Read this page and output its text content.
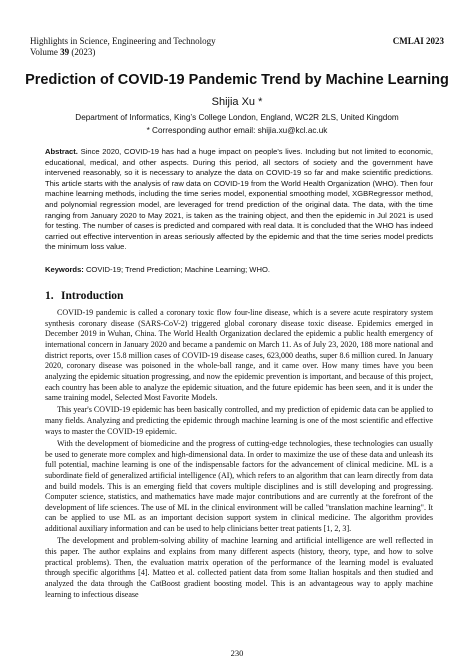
Highlights in Science, Engineering and Technology	CMLAI 2023
Volume 39 (2023)
Prediction of COVID-19 Pandemic Trend by Machine Learning
Shijia Xu *
Department of Informatics, King’s College London, England, WC2R 2LS, United Kingdom
* Corresponding author email: shijia.xu@kcl.ac.uk
Abstract. Since 2020, COVID-19 has had a huge impact on people's lives. Including but not limited to economic, educational, medical, and other aspects. During this period, all sectors of society and the government have intervened reasonably, so it is necessary to analyze the data on COVID-19 so far and make scientific predictions. This article starts with the analysis of raw data on COVID-19 from the World Health Organization (WHO). Then four machine learning methods, including the time series model, exponential smoothing model, XGBRegressor method, and polynomial regression model, are leveraged for trend prediction of the original data. The data, with the time ranging from January 2020 to May 2021, is taken as the training object, and then the epidemic in Jul 2021 is used for testing. The number of cases is predicted and compared with real data. It is concluded that the WHO has indeed carried out effective intervention in areas seriously affected by the epidemic and that the time series model predicts the minimum loss value.
Keywords: COVID-19; Trend Prediction; Machine Learning; WHO.
1. Introduction

COVID-19 pandemic is called a coronary toxic flow four-line disease, which is a severe acute respiratory system synthesis coronary disease (SARS-CoV-2) triggered global coronary disease toxic disease. Epidemics emerged in December 2019 in Wuhan, China. The World Health Organization declared the epidemic a public health emergency of international concern in January 2020 and became a pandemic on March 11. As of July 23, 2020, 188 more national and district reports, over 15.8 million cases of COVID-19 disease cases, 623,000 deaths, super 8.6 million cured. In January 2020, coronary disease was poisoned in the whole-ball range, and it came over. How many times have you been analyzing the epidemic situation progressing, and now the epidemic prevention is important, and because of this project, each country has been able to analyze the epidemic situation, and the future epidemic has been seen, and it is under the same training model, Selected Most Favorite Models.

This year's COVID-19 epidemic has been basically controlled, and my prediction of epidemic data can be applied to many fields. Analyzing and predicting the epidemic through machine learning is one of the most scientific and effective ways to master the COVID-19 epidemic.

With the development of biomedicine and the progress of cutting-edge technologies, these technologies can usually be used to generate more complex and high-dimensional data. In order to maximize the use of these data and unleash its full potential, machine learning is one of the indispensable factors for the advancement of clinical medicine. ML is a subordinate field of generalized artificial intelligence (AI), which refers to an algorithm that can learn directly from data and build models. This is an emerging field that covers multiple disciplines and is still developing and progressing. Computer science, statistics, and mathematics have made major contributions and are currently at the forefront of the development of life sciences. The use of ML in the clinical environment will be called "translation machine learning". It can be applied to use ML as an important decision support system in clinical medicine. The algorithm provides additional auxiliary information and can be used to help clinicians better treat patients [1, 2, 3].

The development and problem-solving ability of machine learning and artificial intelligence are well reflected in this paper. The author explains and explains from many different aspects (history, theory, type, and how to solve practical problems). Then, the evaluation matrix operation of the performance of the learning model is evaluated through specific algorithms [4]. Matteo et al. collected patient data from some Italian hospitals and then studied and analyzed the data through the CatBoost gradient boosting model. This is an advantageous way to apply machine learning to infectious disease

230
